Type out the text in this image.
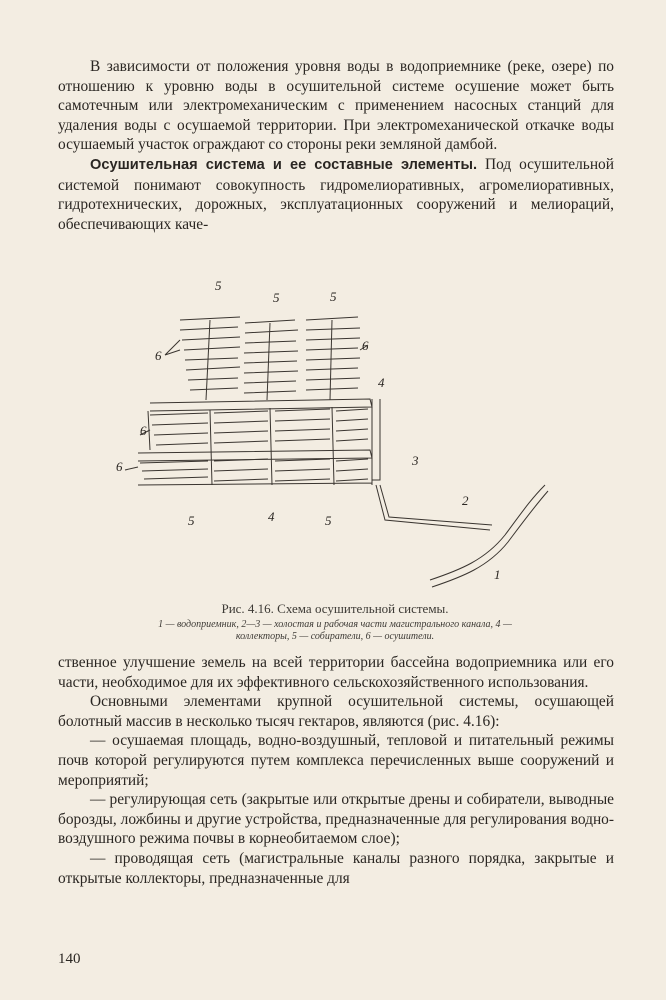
В зависимости от положения уровня воды в водоприемнике (реке, озере) по отношению к уровню воды в осушительной системе осушение может быть самотечным или электромеханическим с применением насосных станций для удаления воды с осушаемой территории. При электромеханической откачке воды осушаемый участок ограждают со стороны реки земляной дамбой.

Осушительная система и ее составные элементы. Под осушительной системой понимают совокупность гидромелиоративных, агромелиоративных, гидротехнических, дорожных, эксплуатационных сооружений и мелиораций, обеспечивающих каче-

5
5	5
6
6
4
6
6	3
2
5	4	5
1
Рис. 4.16. Схема осушительной системы.
1 — водоприемник, 2—3 — холостая и рабочая части магистрального канала, 4 — коллекторы, 5 — собиратели, 6 — осушители.

ственное улучшение земель на всей территории бассейна водоприемника или его части, необходимое для их эффективного сельскохозяйственного использования.

Основными элементами крупной осушительной системы, осушающей болотный массив в несколько тысяч гектаров, являются (рис. 4.16):

— осушаемая площадь, водно-воздушный, тепловой и питательный режимы почв которой регулируются путем комплекса перечисленных выше сооружений и мероприятий;

— регулирующая сеть (закрытые или открытые дрены и собиратели, выводные борозды, ложбины и другие устройства, предназначенные для регулирования водно-воздушного режима почвы в корнеобитаемом слое);

— проводящая сеть (магистральные каналы разного порядка, закрытые и открытые коллекторы, предназначенные для

140
